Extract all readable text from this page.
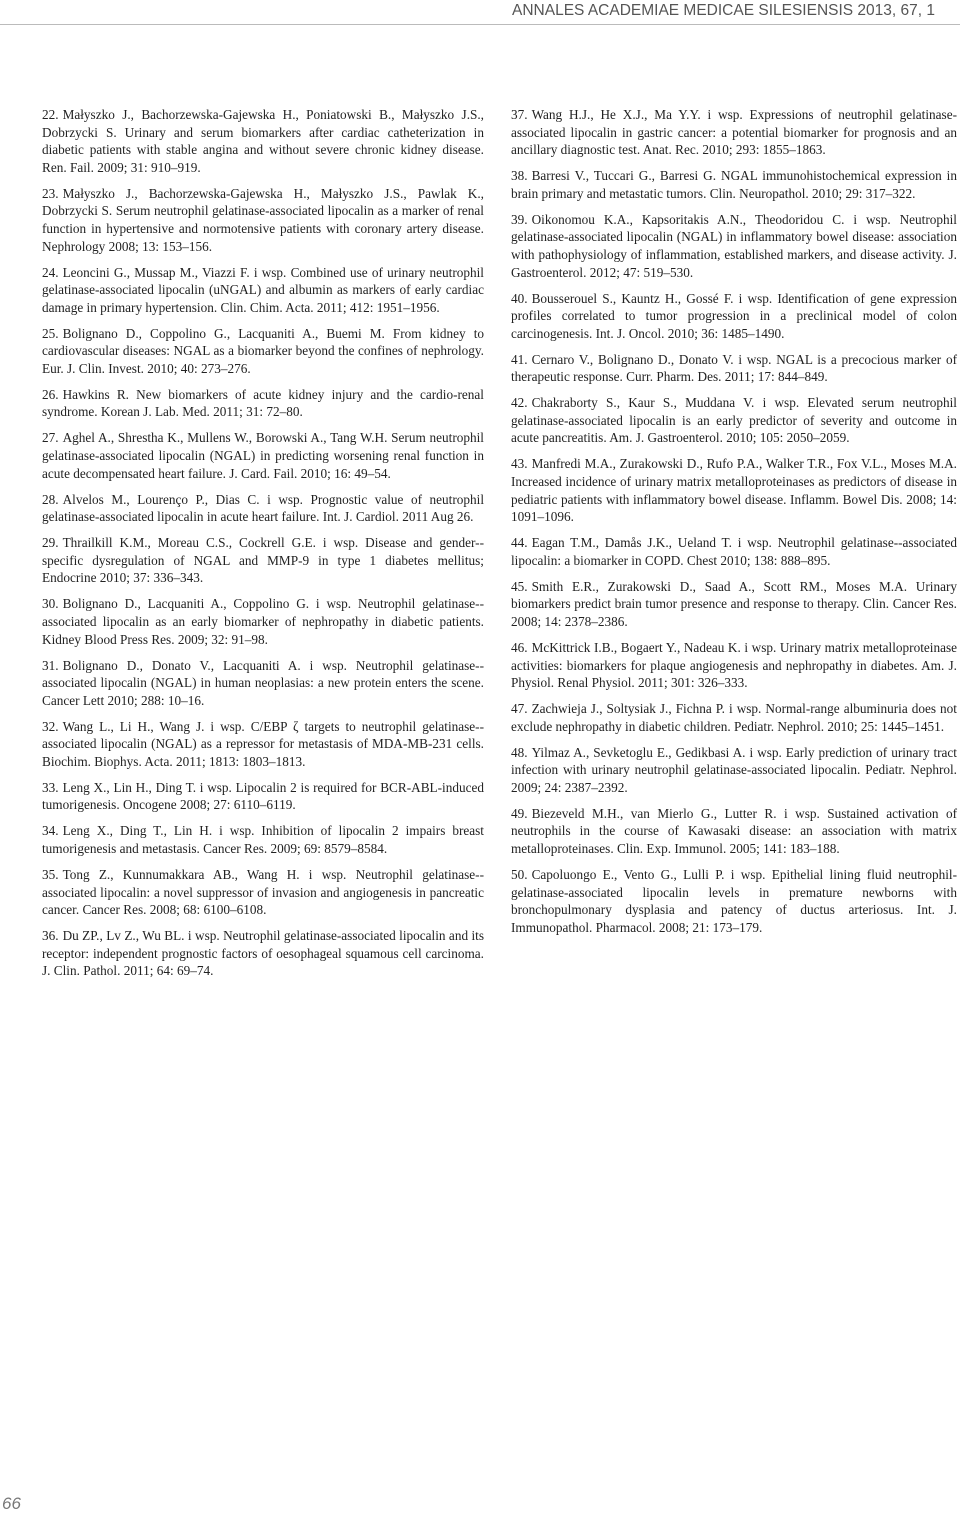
ANNALES ACADEMIAE MEDICAE SILESIENSIS 2013, 67, 1

22. Małyszko J., Bachorzewska-Gajewska H., Poniatowski B., Małyszko J.S., Dobrzycki S. Urinary and serum biomarkers after cardiac catheterization in diabetic patients with stable angina and without severe chronic kidney disease. Ren. Fail. 2009; 31: 910–919.

23. Małyszko J., Bachorzewska-Gajewska H., Małyszko J.S., Pawlak K., Dobrzycki S. Serum neutrophil gelatinase-associated lipocalin as a marker of renal function in hypertensive and normotensive patients with coronary artery disease. Nephrology 2008; 13: 153–156.

24. Leoncini G., Mussap M., Viazzi F. i wsp. Combined use of urinary neutrophil gelatinase-associated lipocalin (uNGAL) and albumin as markers of early cardiac damage in primary hypertension. Clin. Chim. Acta. 2011; 412: 1951–1956.

25. Bolignano D., Coppolino G., Lacquaniti A., Buemi M. From kidney to cardiovascular diseases: NGAL as a biomarker beyond the confines of nephrology. Eur. J. Clin. Invest. 2010; 40: 273–276.

26. Hawkins R. New biomarkers of acute kidney injury and the cardio-renal syndrome. Korean J. Lab. Med. 2011; 31: 72–80.

27. Aghel A., Shrestha K., Mullens W., Borowski A., Tang W.H. Serum neutrophil gelatinase-associated lipocalin (NGAL) in predicting worsening renal function in acute decompensated heart failure. J. Card. Fail. 2010; 16: 49–54.

28. Alvelos M., Lourenço P., Dias C. i wsp. Prognostic value of neutrophil gelatinase-associated lipocalin in acute heart failure. Int. J. Cardiol. 2011 Aug 26.

29. Thrailkill K.M., Moreau C.S., Cockrell G.E. i wsp. Disease and gender--specific dysregulation of NGAL and MMP-9 in type 1 diabetes mellitus; Endocrine 2010; 37: 336–343.

30. Bolignano D., Lacquaniti A., Coppolino G. i wsp. Neutrophil gelatinase--associated lipocalin as an early biomarker of nephropathy in diabetic patients. Kidney Blood Press Res. 2009; 32: 91–98.

31. Bolignano D., Donato V., Lacquaniti A. i wsp. Neutrophil gelatinase--associated lipocalin (NGAL) in human neoplasias: a new protein enters the scene. Cancer Lett 2010; 288: 10–16.

32. Wang L., Li H., Wang J. i wsp. C/EBP ζ targets to neutrophil gelatinase--associated lipocalin (NGAL) as a repressor for metastasis of MDA-MB-231 cells. Biochim. Biophys. Acta. 2011; 1813: 1803–1813.

33. Leng X., Lin H., Ding T. i wsp. Lipocalin 2 is required for BCR-ABL-induced tumorigenesis. Oncogene 2008; 27: 6110–6119.

34. Leng X., Ding T., Lin H. i wsp. Inhibition of lipocalin 2 impairs breast tumorigenesis and metastasis. Cancer Res. 2009; 69: 8579–8584.

35. Tong Z., Kunnumakkara AB., Wang H. i wsp. Neutrophil gelatinase--associated lipocalin: a novel suppressor of invasion and angiogenesis in pancreatic cancer. Cancer Res. 2008; 68: 6100–6108.

36. Du ZP., Lv Z., Wu BL. i wsp. Neutrophil gelatinase-associated lipocalin and its receptor: independent prognostic factors of oesophageal squamous cell carcinoma. J. Clin. Pathol. 2011; 64: 69–74.

37. Wang H.J., He X.J., Ma Y.Y. i wsp. Expressions of neutrophil gelatinase-associated lipocalin in gastric cancer: a potential biomarker for prognosis and an ancillary diagnostic test. Anat. Rec. 2010; 293: 1855–1863.

38. Barresi V., Tuccari G., Barresi G. NGAL immunohistochemical expression in brain primary and metastatic tumors. Clin. Neuropathol. 2010; 29: 317–322.

39. Oikonomou K.A., Kapsoritakis A.N., Theodoridou C. i wsp. Neutrophil gelatinase-associated lipocalin (NGAL) in inflammatory bowel disease: association with pathophysiology of inflammation, established markers, and disease activity. J. Gastroenterol. 2012; 47: 519–530.

40. Bousserouel S., Kauntz H., Gossé F. i wsp. Identification of gene expression profiles correlated to tumor progression in a preclinical model of colon carcinogenesis. Int. J. Oncol. 2010; 36: 1485–1490.

41. Cernaro V., Bolignano D., Donato V. i wsp. NGAL is a precocious marker of therapeutic response. Curr. Pharm. Des. 2011; 17: 844–849.

42. Chakraborty S., Kaur S., Muddana V. i wsp. Elevated serum neutrophil gelatinase-associated lipocalin is an early predictor of severity and outcome in acute pancreatitis. Am. J. Gastroenterol. 2010; 105: 2050–2059.

43. Manfredi M.A., Zurakowski D., Rufo P.A., Walker T.R., Fox V.L., Moses M.A. Increased incidence of urinary matrix metalloproteinases as predictors of disease in pediatric patients with inflammatory bowel disease. Inflamm. Bowel Dis. 2008; 14: 1091–1096.

44. Eagan T.M., Damås J.K., Ueland T. i wsp. Neutrophil gelatinase--associated lipocalin: a biomarker in COPD. Chest 2010; 138: 888–895.

45. Smith E.R., Zurakowski D., Saad A., Scott RM., Moses M.A. Urinary biomarkers predict brain tumor presence and response to therapy. Clin. Cancer Res. 2008; 14: 2378–2386.

46. McKittrick I.B., Bogaert Y., Nadeau K. i wsp. Urinary matrix metalloproteinase activities: biomarkers for plaque angiogenesis and nephropathy in diabetes. Am. J. Physiol. Renal Physiol. 2011; 301: 326–333.

47. Zachwieja J., Soltysiak J., Fichna P. i wsp. Normal-range albuminuria does not exclude nephropathy in diabetic children. Pediatr. Nephrol. 2010; 25: 1445–1451.

48. Yilmaz A., Sevketoglu E., Gedikbasi A. i wsp. Early prediction of urinary tract infection with urinary neutrophil gelatinase-associated lipocalin. Pediatr. Nephrol. 2009; 24: 2387–2392.

49. Biezeveld M.H., van Mierlo G., Lutter R. i wsp. Sustained activation of neutrophils in the course of Kawasaki disease: an association with matrix metalloproteinases. Clin. Exp. Immunol. 2005; 141: 183–188.

50. Capoluongo E., Vento G., Lulli P. i wsp. Epithelial lining fluid neutrophil-gelatinase-associated lipocalin levels in premature newborns with bronchopulmonary dysplasia and patency of ductus arteriosus. Int. J. Immunopathol. Pharmacol. 2008; 21: 173–179.

66
